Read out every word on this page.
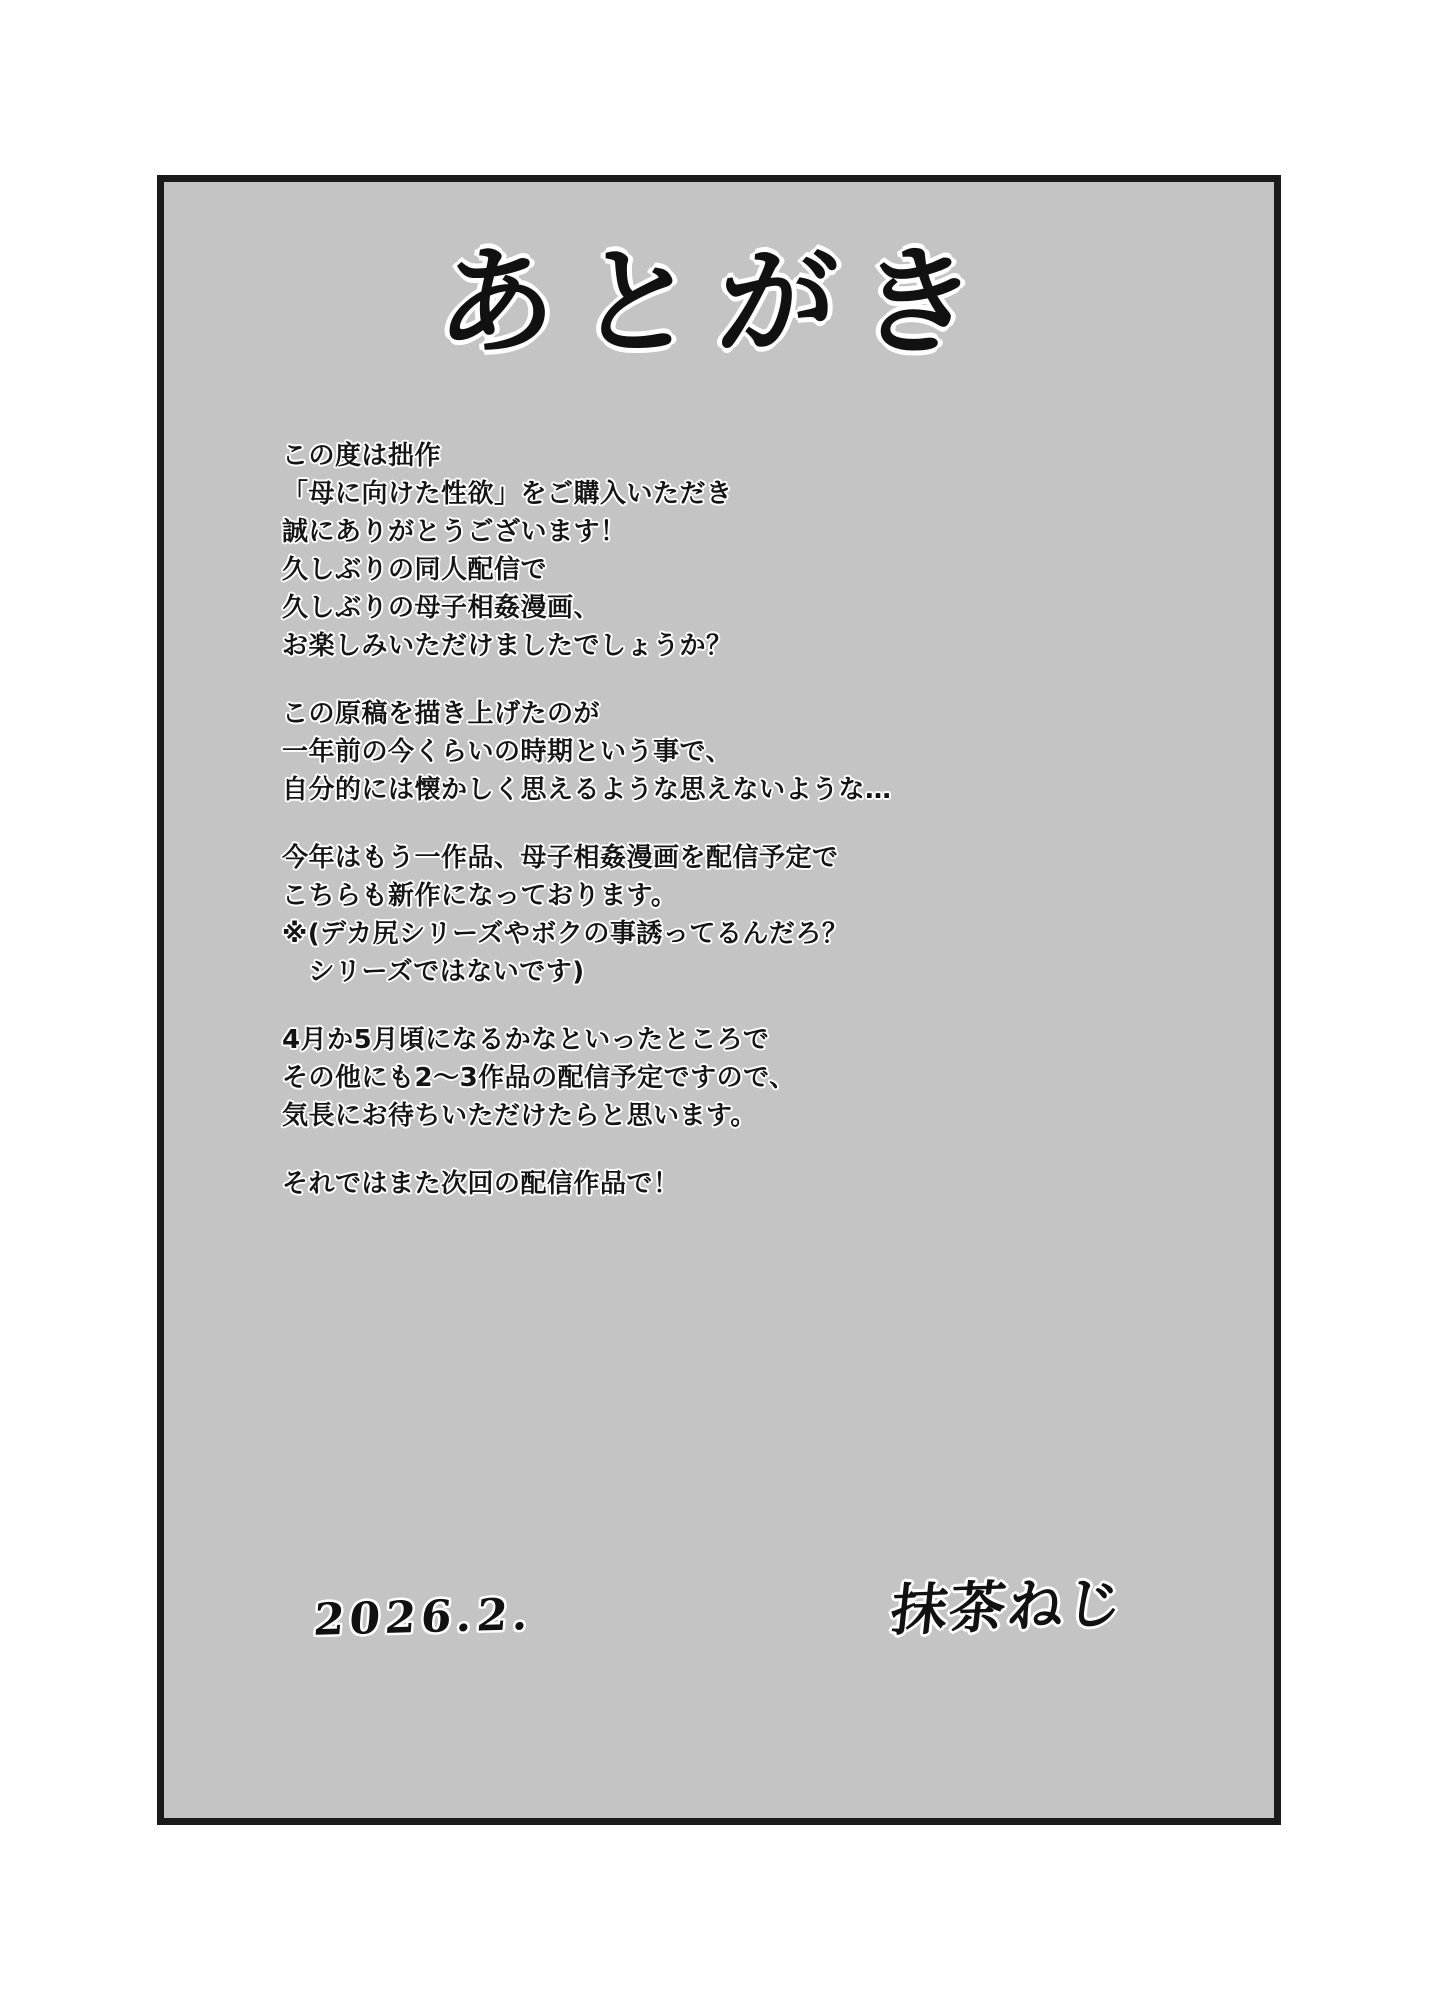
あとがき
この度は拙作
「母に向けた性欲」をご購入いただき
誠にありがとうございます！
久しぶりの同人配信で
久しぶりの母子相姦漫画、
お楽しみいただけましたでしょうか？
この原稿を描き上げたのが
一年前の今くらいの時期という事で、
自分的には懐かしく思えるような思えないような…
今年はもう一作品、母子相姦漫画を配信予定で
こちらも新作になっております。
※(デカ尻シリーズやボクの事誘ってるんだろ？
　シリーズではないです)
4月か5月頃になるかなといったところで
その他にも2〜3作品の配信予定ですので、
気長にお待ちいただけたらと思います。
それではまた次回の配信作品で！
2026.2.	抹茶ねじ
